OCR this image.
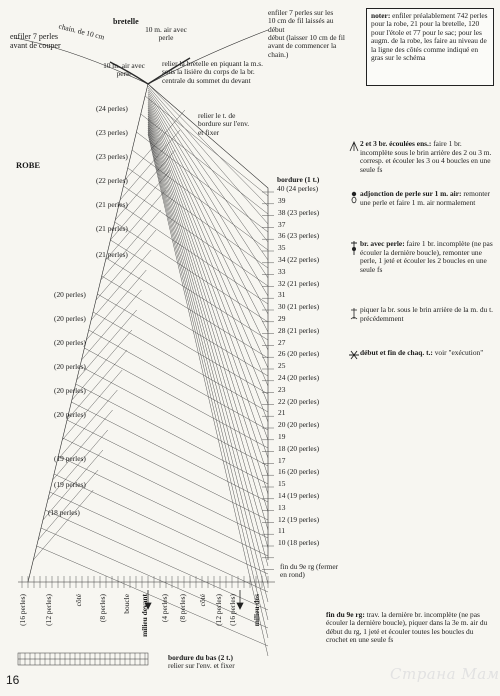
enfiler 7 perles avant de couper
bretelle
chain. de 10 cm	10 m. air avec perle
10 m. air avec perle
enfiler 7 perles sur les 10 cm de fil laissés au début
début (laisser 10 cm de fil avant de commencer la chain.)
relier la bretelle en piquant la m.s. sous la lisière du corps de la br. centrale du sommet du devant
relier le t. de bordure sur l'env. et fixer
noter: enfiler préalablement 742 perles pour la robe, 21 pour la bretelle, 120 pour l'étole et 77 pour le sac; pour les augm. de la robe, les faire au niveau de la ligne des côtés comme indiqué en gras sur le schéma
ROBE
bordure (1 t.)
40 (24 perles)
(24 perles)
(23 perles)
(23 perles)
(22 perles)
(21 perles)
(21 perles)
(21 perles)
(20 perles)
(20 perles)
(20 perles)
(20 perles)
(20 perles)
(20 perles)
(19 perles)
(19 perles)
(18 perles)
39
38 (23 perles)
37
36 (23 perles)
35
34 (22 perles)
33
32 (21 perles)
31
30 (21 perles)
29
28 (21 perles)
27
26 (20 perles)
25
24 (20 perles)
23
22 (20 perles)
21
20 (20 perles)
19
18 (20 perles)
17
16 (20 perles)
15
14 (19 perles)
13
12 (19 perles)
11
10 (18 perles)
fin du 9e rg (fermer en rond)
(16 perles) (12 perles)	côté (8 perles) boucle milieu devant (4 perles) (8 perles) côté (12 perles) (16 perles) milieu dos	fin du 9e rg: trav. la dernière br. incomplète (ne pas écouler la dernière boucle), piquer dans la 3e m. air du début du rg, 1 jeté et écouler toutes les boucles du crochet en une seule fs
bordure du bas (2 t.)
relier sur l'env. et fixer
2 et 3 br. écoulées ens.: faire 1 br. incomplète sous le brin arrière des 2 ou 3 m. corresp. et écouler les 3 ou 4 boucles en une seule fs
adjonction de perle sur 1 m. air: remonter une perle et faire 1 m. air normalement
br. avec perle: faire 1 br. incomplète (ne pas écouler la dernière boucle), remonter une perle, 1 jeté et écouler les 2 boucles en une seule fs
piquer la br. sous le brin arrière de la m. du t. précédemment
début et fin de chaq. t.: voir "exécution"
16	Страна Мам
